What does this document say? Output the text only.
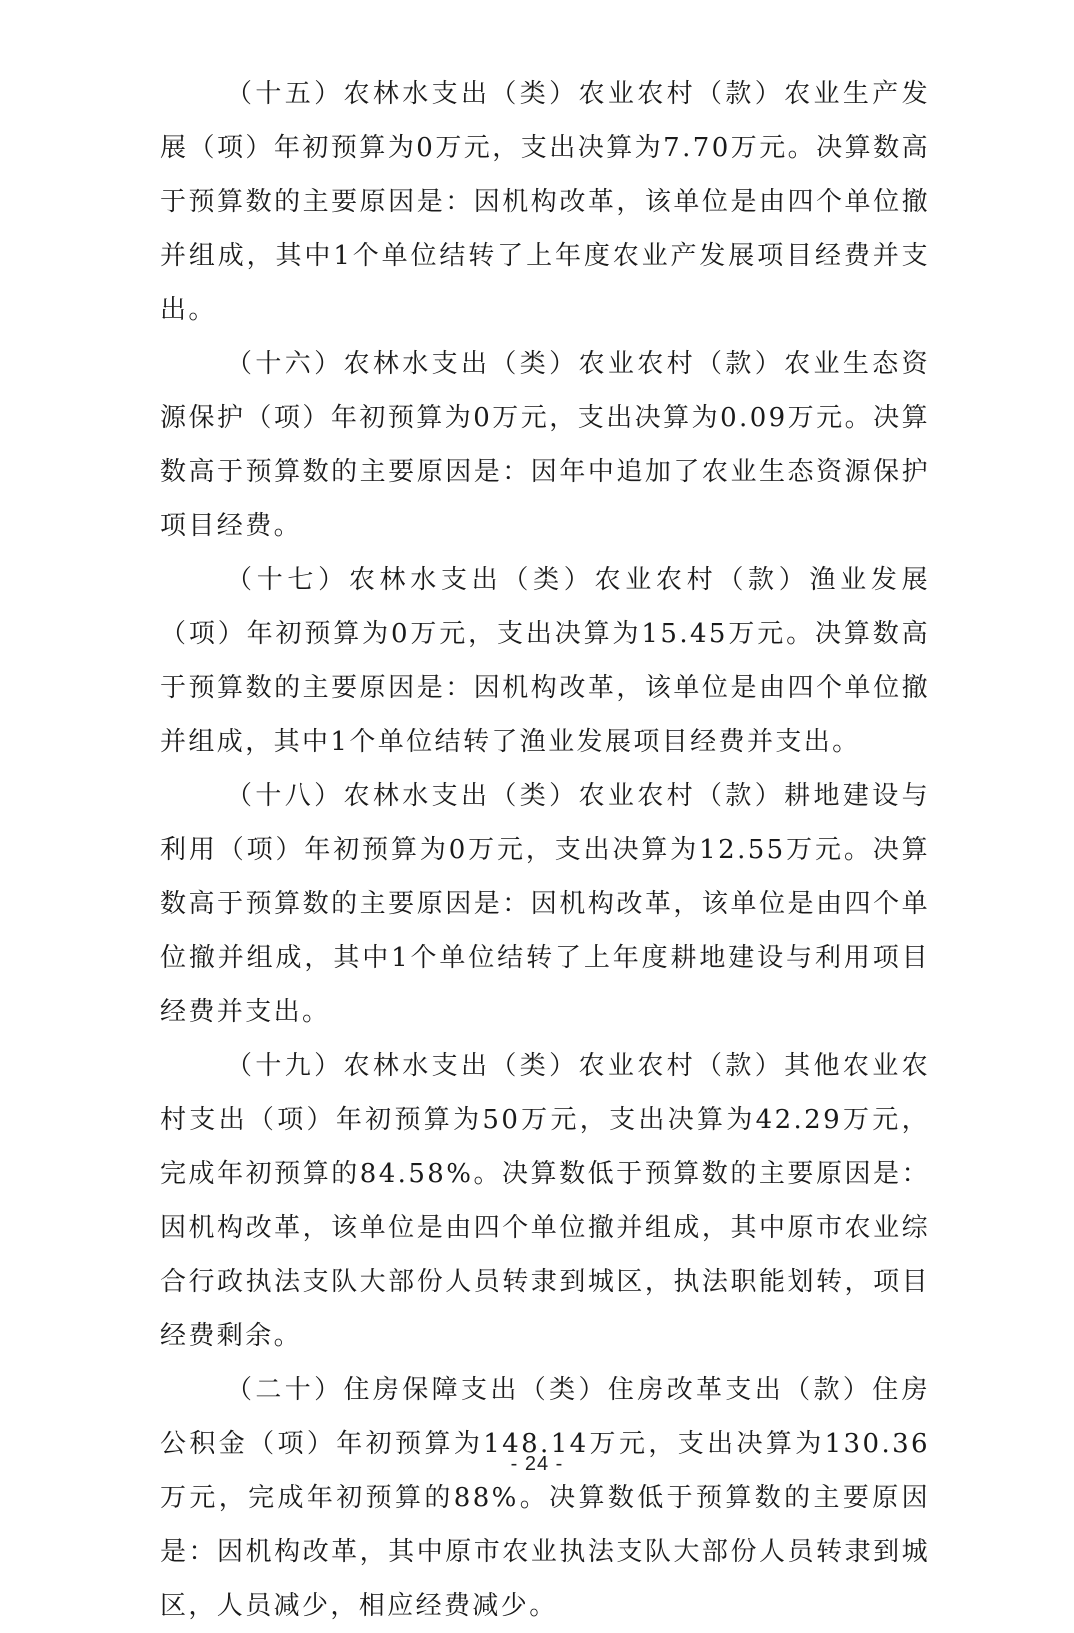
（十五）农林水支出（类）农业农村（款）农业生产发展（项）年初预算为0万元，支出决算为7.70万元。决算数高于预算数的主要原因是：因机构改革，该单位是由四个单位撤并组成，其中1个单位结转了上年度农业产发展项目经费并支出。

（十六）农林水支出（类）农业农村（款）农业生态资源保护（项）年初预算为0万元，支出决算为0.09万元。决算数高于预算数的主要原因是：因年中追加了农业生态资源保护项目经费。

（十七）农林水支出（类）农业农村（款）渔业发展（项）年初预算为0万元，支出决算为15.45万元。决算数高于预算数的主要原因是：因机构改革，该单位是由四个单位撤并组成，其中1个单位结转了渔业发展项目经费并支出。

（十八）农林水支出（类）农业农村（款）耕地建设与利用（项）年初预算为0万元，支出决算为12.55万元。决算数高于预算数的主要原因是：因机构改革，该单位是由四个单位撤并组成，其中1个单位结转了上年度耕地建设与利用项目经费并支出。

（十九）农林水支出（类）农业农村（款）其他农业农村支出（项）年初预算为50万元，支出决算为42.29万元，完成年初预算的84.58%。决算数低于预算数的主要原因是：因机构改革，该单位是由四个单位撤并组成，其中原市农业综合行政执法支队大部份人员转隶到城区，执法职能划转，项目经费剩余。

（二十）住房保障支出（类）住房改革支出（款）住房公积金（项）年初预算为148.14万元，支出决算为130.36万元，完成年初预算的88%。决算数低于预算数的主要原因是：因机构改革，其中原市农业执法支队大部份人员转隶到城区，人员减少，相应经费减少。

- 24 -
